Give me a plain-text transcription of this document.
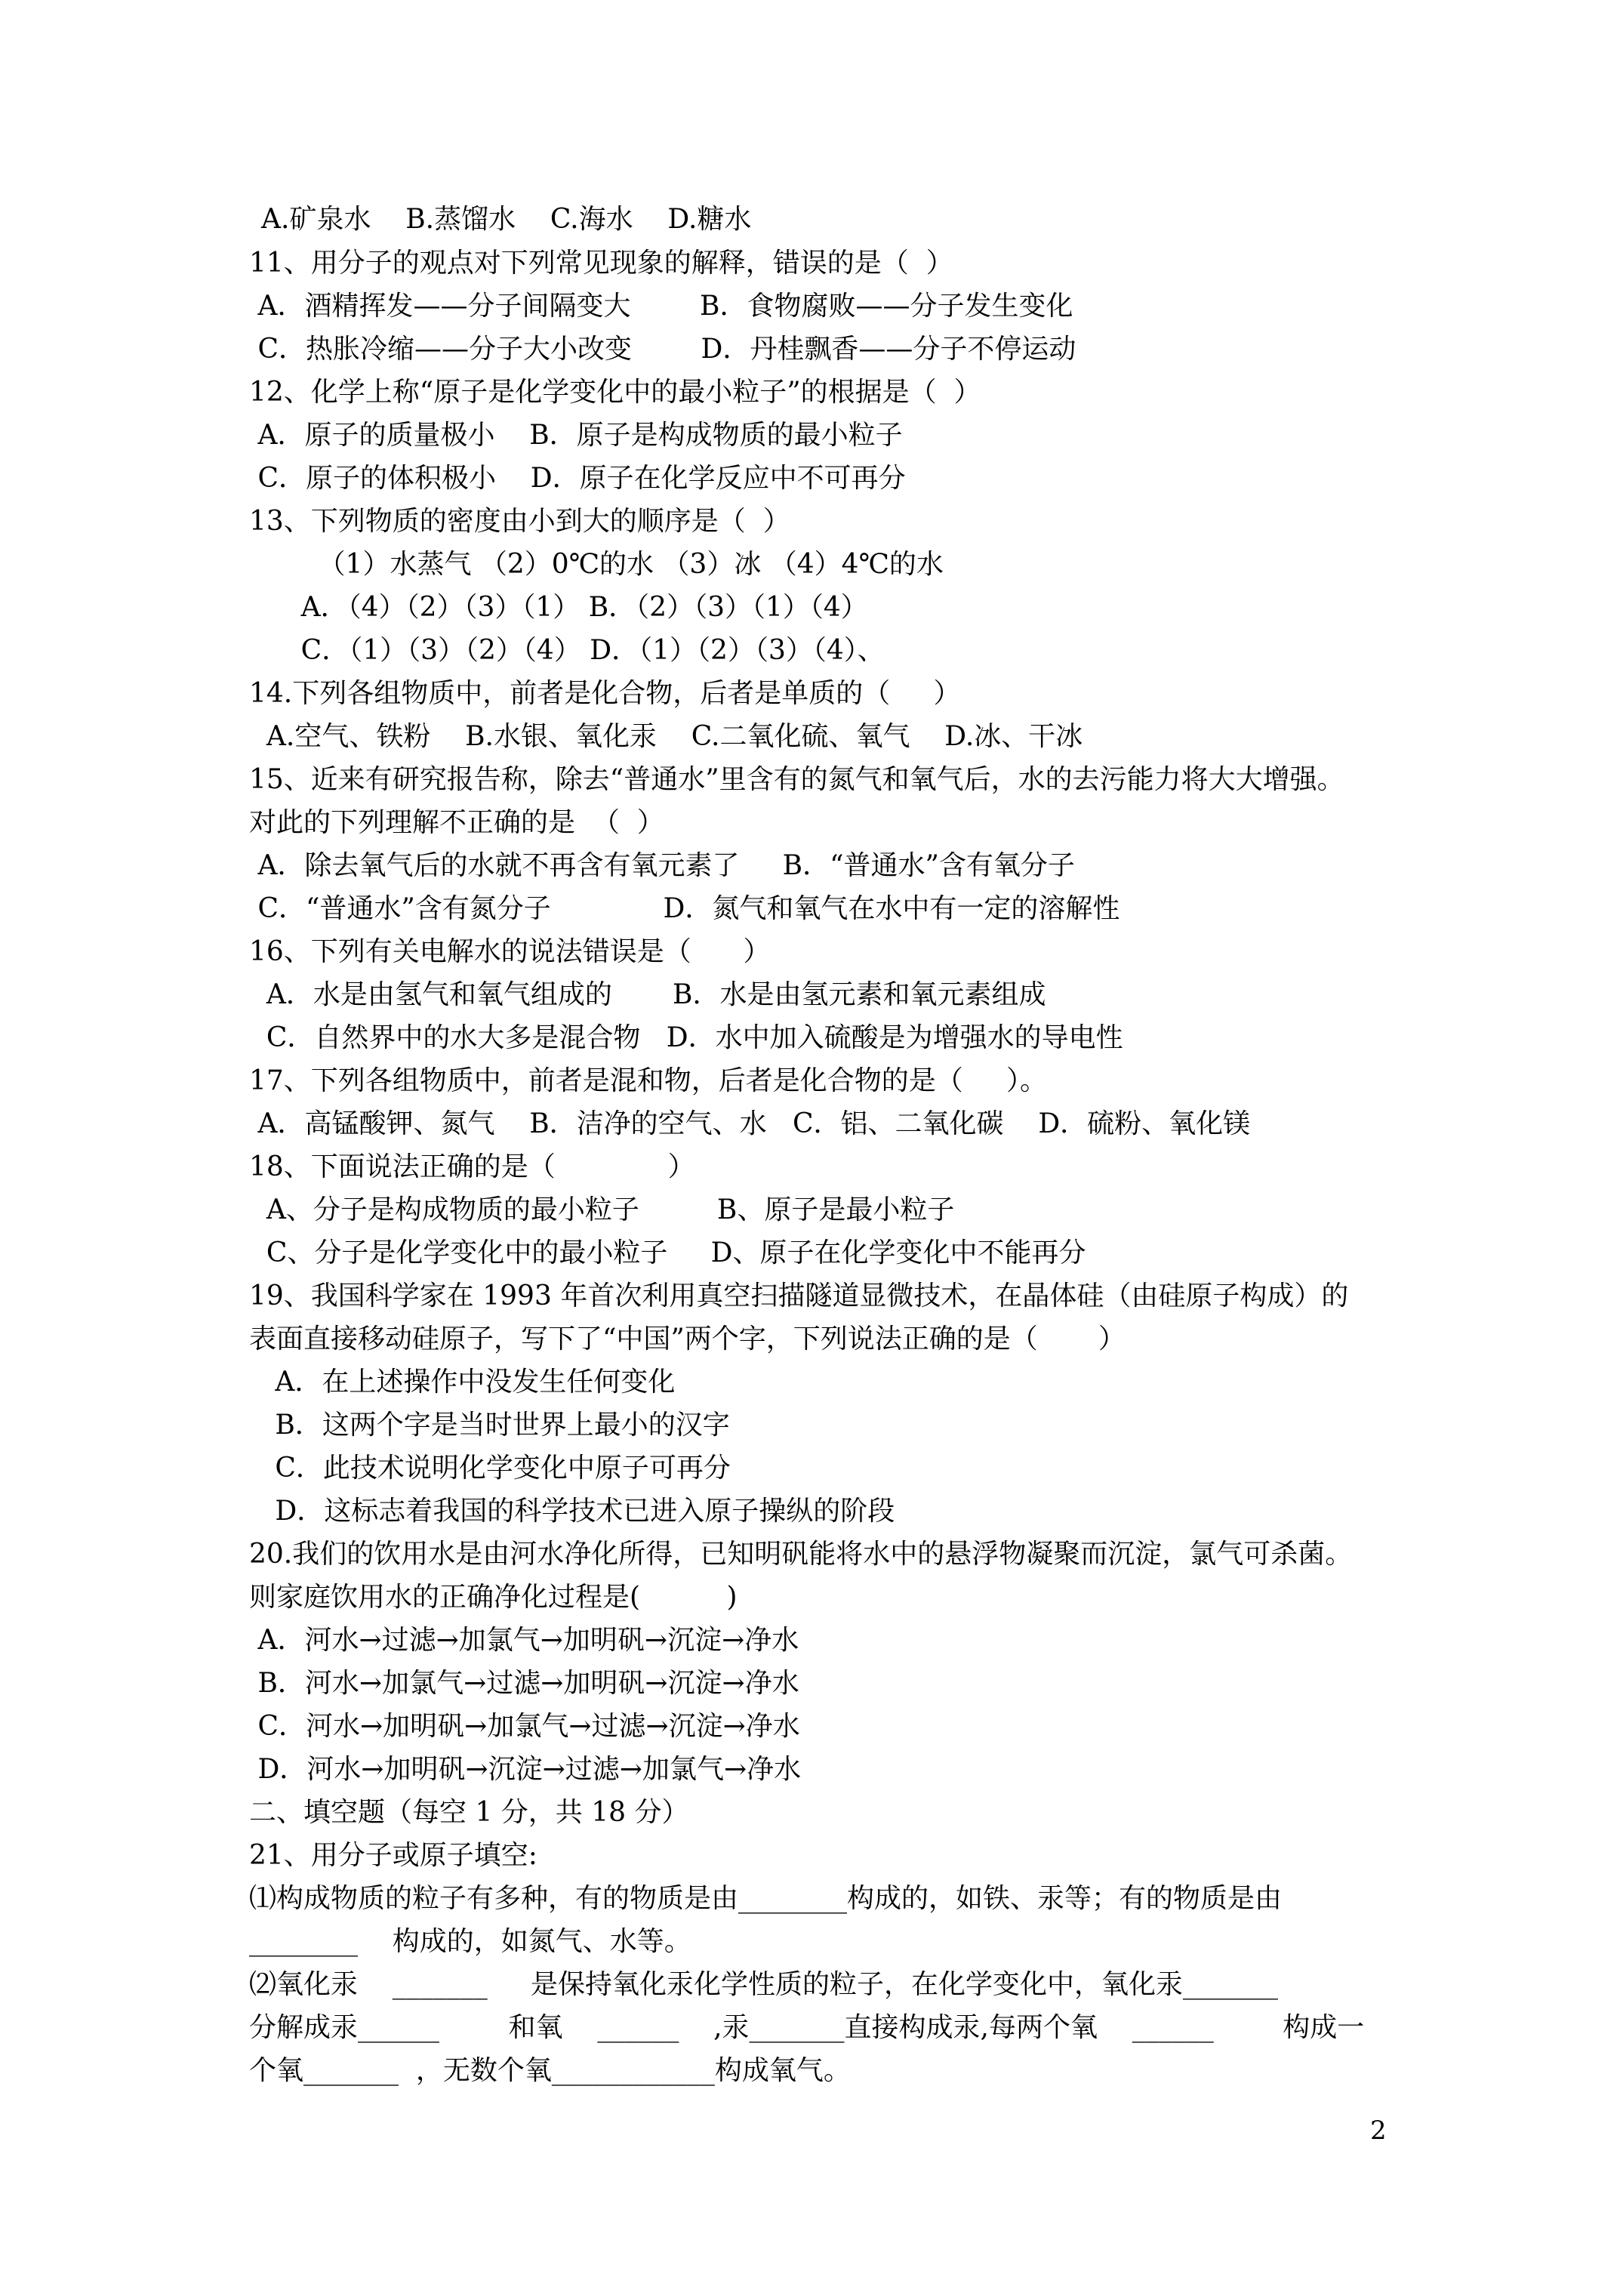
A.矿泉水    B.蒸馏水    C.海水    D.糖水
11、用分子的观点对下列常见现象的解释，错误的是（  ）
A．酒精挥发——分子间隔变大        B．食物腐败——分子发生变化
C．热胀冷缩——分子大小改变        D．丹桂飘香——分子不停运动
12、化学上称“原子是化学变化中的最小粒子”的根据是（  ）
A．原子的质量极小    B．原子是构成物质的最小粒子
C．原子的体积极小    D．原子在化学反应中不可再分
13、下列物质的密度由小到大的顺序是（  ）
（1）水蒸气 （2）0℃的水 （3）冰 （4）4℃的水
A．（4）（2）（3）（1） B．（2）（3）（1）（4）
C．（1）（3）（2）（4） D．（1）（2）（3）（4）、
14.下列各组物质中，前者是化合物，后者是单质的（     ）
A.空气、铁粉    B.水银、氧化汞    C.二氧化硫、氧气    D.冰、干冰
15、近来有研究报告称，除去“普通水”里含有的氮气和氧气后，水的去污能力将大大增强。
对此的下列理解不正确的是  （  ）
A．除去氧气后的水就不再含有氧元素了     B．“普通水”含有氧分子
C．“普通水”含有氮分子             D．氮气和氧气在水中有一定的溶解性
16、下列有关电解水的说法错误是（      ）
A．水是由氢气和氧气组成的       B．水是由氢元素和氧元素组成
C．自然界中的水大多是混合物   D．水中加入硫酸是为增强水的导电性
17、下列各组物质中，前者是混和物，后者是化合物的是（     ）。
A．高锰酸钾、氮气    B．洁净的空气、水   C．铝、二氧化碳    D．硫粉、氧化镁
18、下面说法正确的是（             ）
A、分子是构成物质的最小粒子         B、原子是最小粒子
C、分子是化学变化中的最小粒子     D、原子在化学变化中不能再分
19、我国科学家在 1993 年首次利用真空扫描隧道显微技术，在晶体硅（由硅原子构成）的
表面直接移动硅原子，写下了“中国”两个字，下列说法正确的是（       ）
A．在上述操作中没发生任何变化
B．这两个字是当时世界上最小的汉字
C．此技术说明化学变化中原子可再分
D．这标志着我国的科学技术已进入原子操纵的阶段
20.我们的饮用水是由河水净化所得，已知明矾能将水中的悬浮物凝聚而沉淀，氯气可杀菌。
则家庭饮用水的正确净化过程是(          )
A．河水→过滤→加氯气→加明矾→沉淀→净水
B．河水→加氯气→过滤→加明矾→沉淀→净水
C．河水→加明矾→加氯气→过滤→沉淀→净水
D．河水→加明矾→沉淀→过滤→加氯气→净水
二、填空题（每空 1 分，共 18 分）
21、用分子或原子填空:
⑴构成物质的粒子有多种，有的物质是由________构成的，如铁、汞等；有的物质是由
________    构成的，如氮气、水等。
⑵氧化汞    _______     是保持氧化汞化学性质的粒子，在化学变化中，氧化汞_______
分解成汞______        和氧    ______    ,汞_______直接构成汞,每两个氧    ______        构成一
个氧_______  ，无数个氧____________构成氧气。
2
